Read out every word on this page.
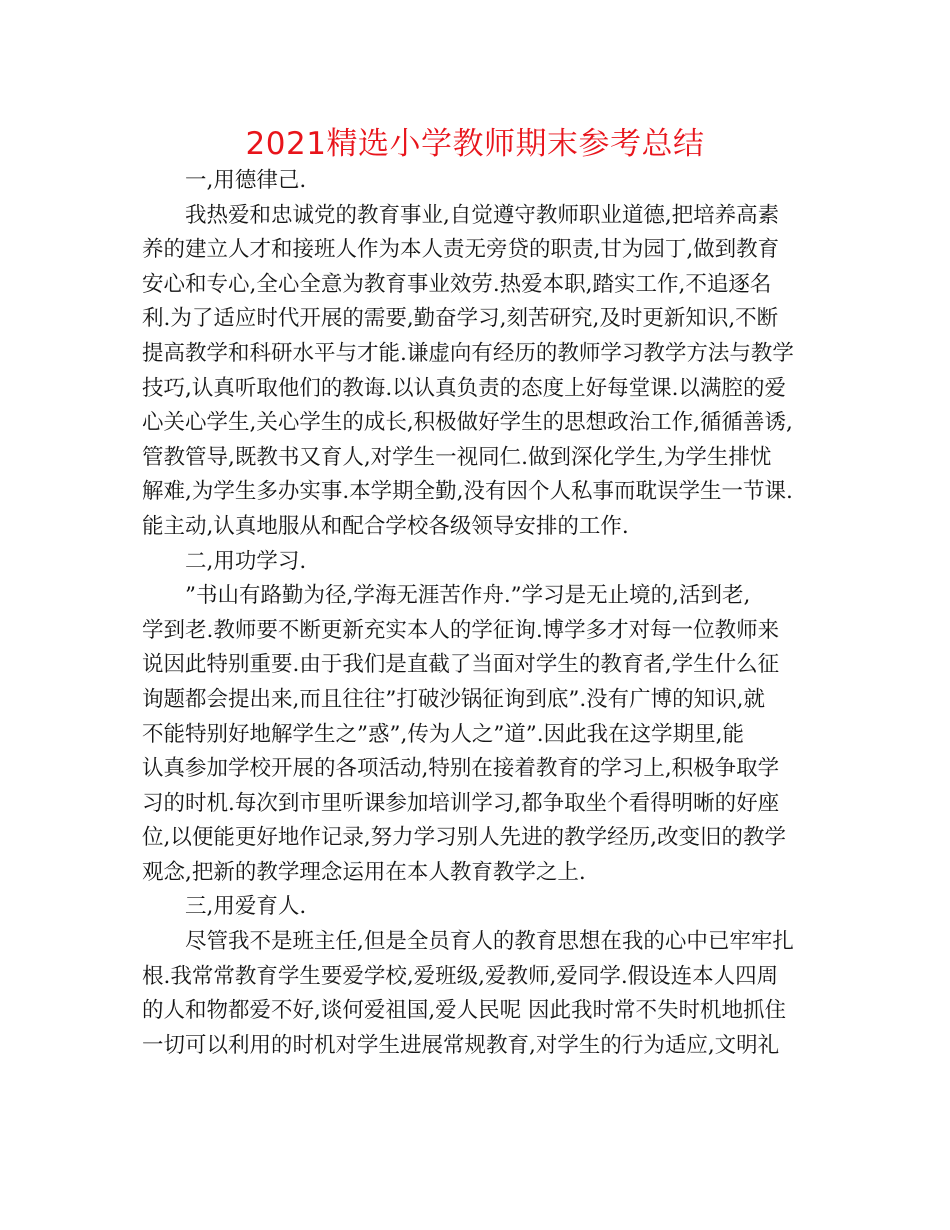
2021精选小学教师期末参考总结
一,用德律己.
我热爱和忠诚党的教育事业,自觉遵守教师职业道德,把培养高素
养的建立人才和接班人作为本人责无旁贷的职责,甘为园丁,做到教育
安心和专心,全心全意为教育事业效劳.热爱本职,踏实工作,不追逐名
利.为了适应时代开展的需要,勤奋学习,刻苦研究,及时更新知识,不断
提高教学和科研水平与才能.谦虚向有经历的教师学习教学方法与教学
技巧,认真听取他们的教诲.以认真负责的态度上好每堂课.以满腔的爱
心关心学生,关心学生的成长,积极做好学生的思想政治工作,循循善诱,
管教管导,既教书又育人,对学生一视同仁.做到深化学生,为学生排忧
解难,为学生多办实事.本学期全勤,没有因个人私事而耽误学生一节课.
能主动,认真地服从和配合学校各级领导安排的工作.
二,用功学习.
”书山有路勤为径,学海无涯苦作舟.”学习是无止境的,活到老,
学到老.教师要不断更新充实本人的学征询.博学多才对每一位教师来
说因此特别重要.由于我们是直截了当面对学生的教育者,学生什么征
询题都会提出来,而且往往”打破沙锅征询到底”.没有广博的知识,就
不能特别好地解学生之”惑”,传为人之”道”.因此我在这学期里,能
认真参加学校开展的各项活动,特别在接着教育的学习上,积极争取学
习的时机.每次到市里听课参加培训学习,都争取坐个看得明晰的好座
位,以便能更好地作记录,努力学习别人先进的教学经历,改变旧的教学
观念,把新的教学理念运用在本人教育教学之上.
三,用爱育人.
尽管我不是班主任,但是全员育人的教育思想在我的心中已牢牢扎
根.我常常教育学生要爱学校,爱班级,爱教师,爱同学.假设连本人四周
的人和物都爱不好,谈何爱祖国,爱人民呢 因此我时常不失时机地抓住
一切可以利用的时机对学生进展常规教育,对学生的行为适应,文明礼
